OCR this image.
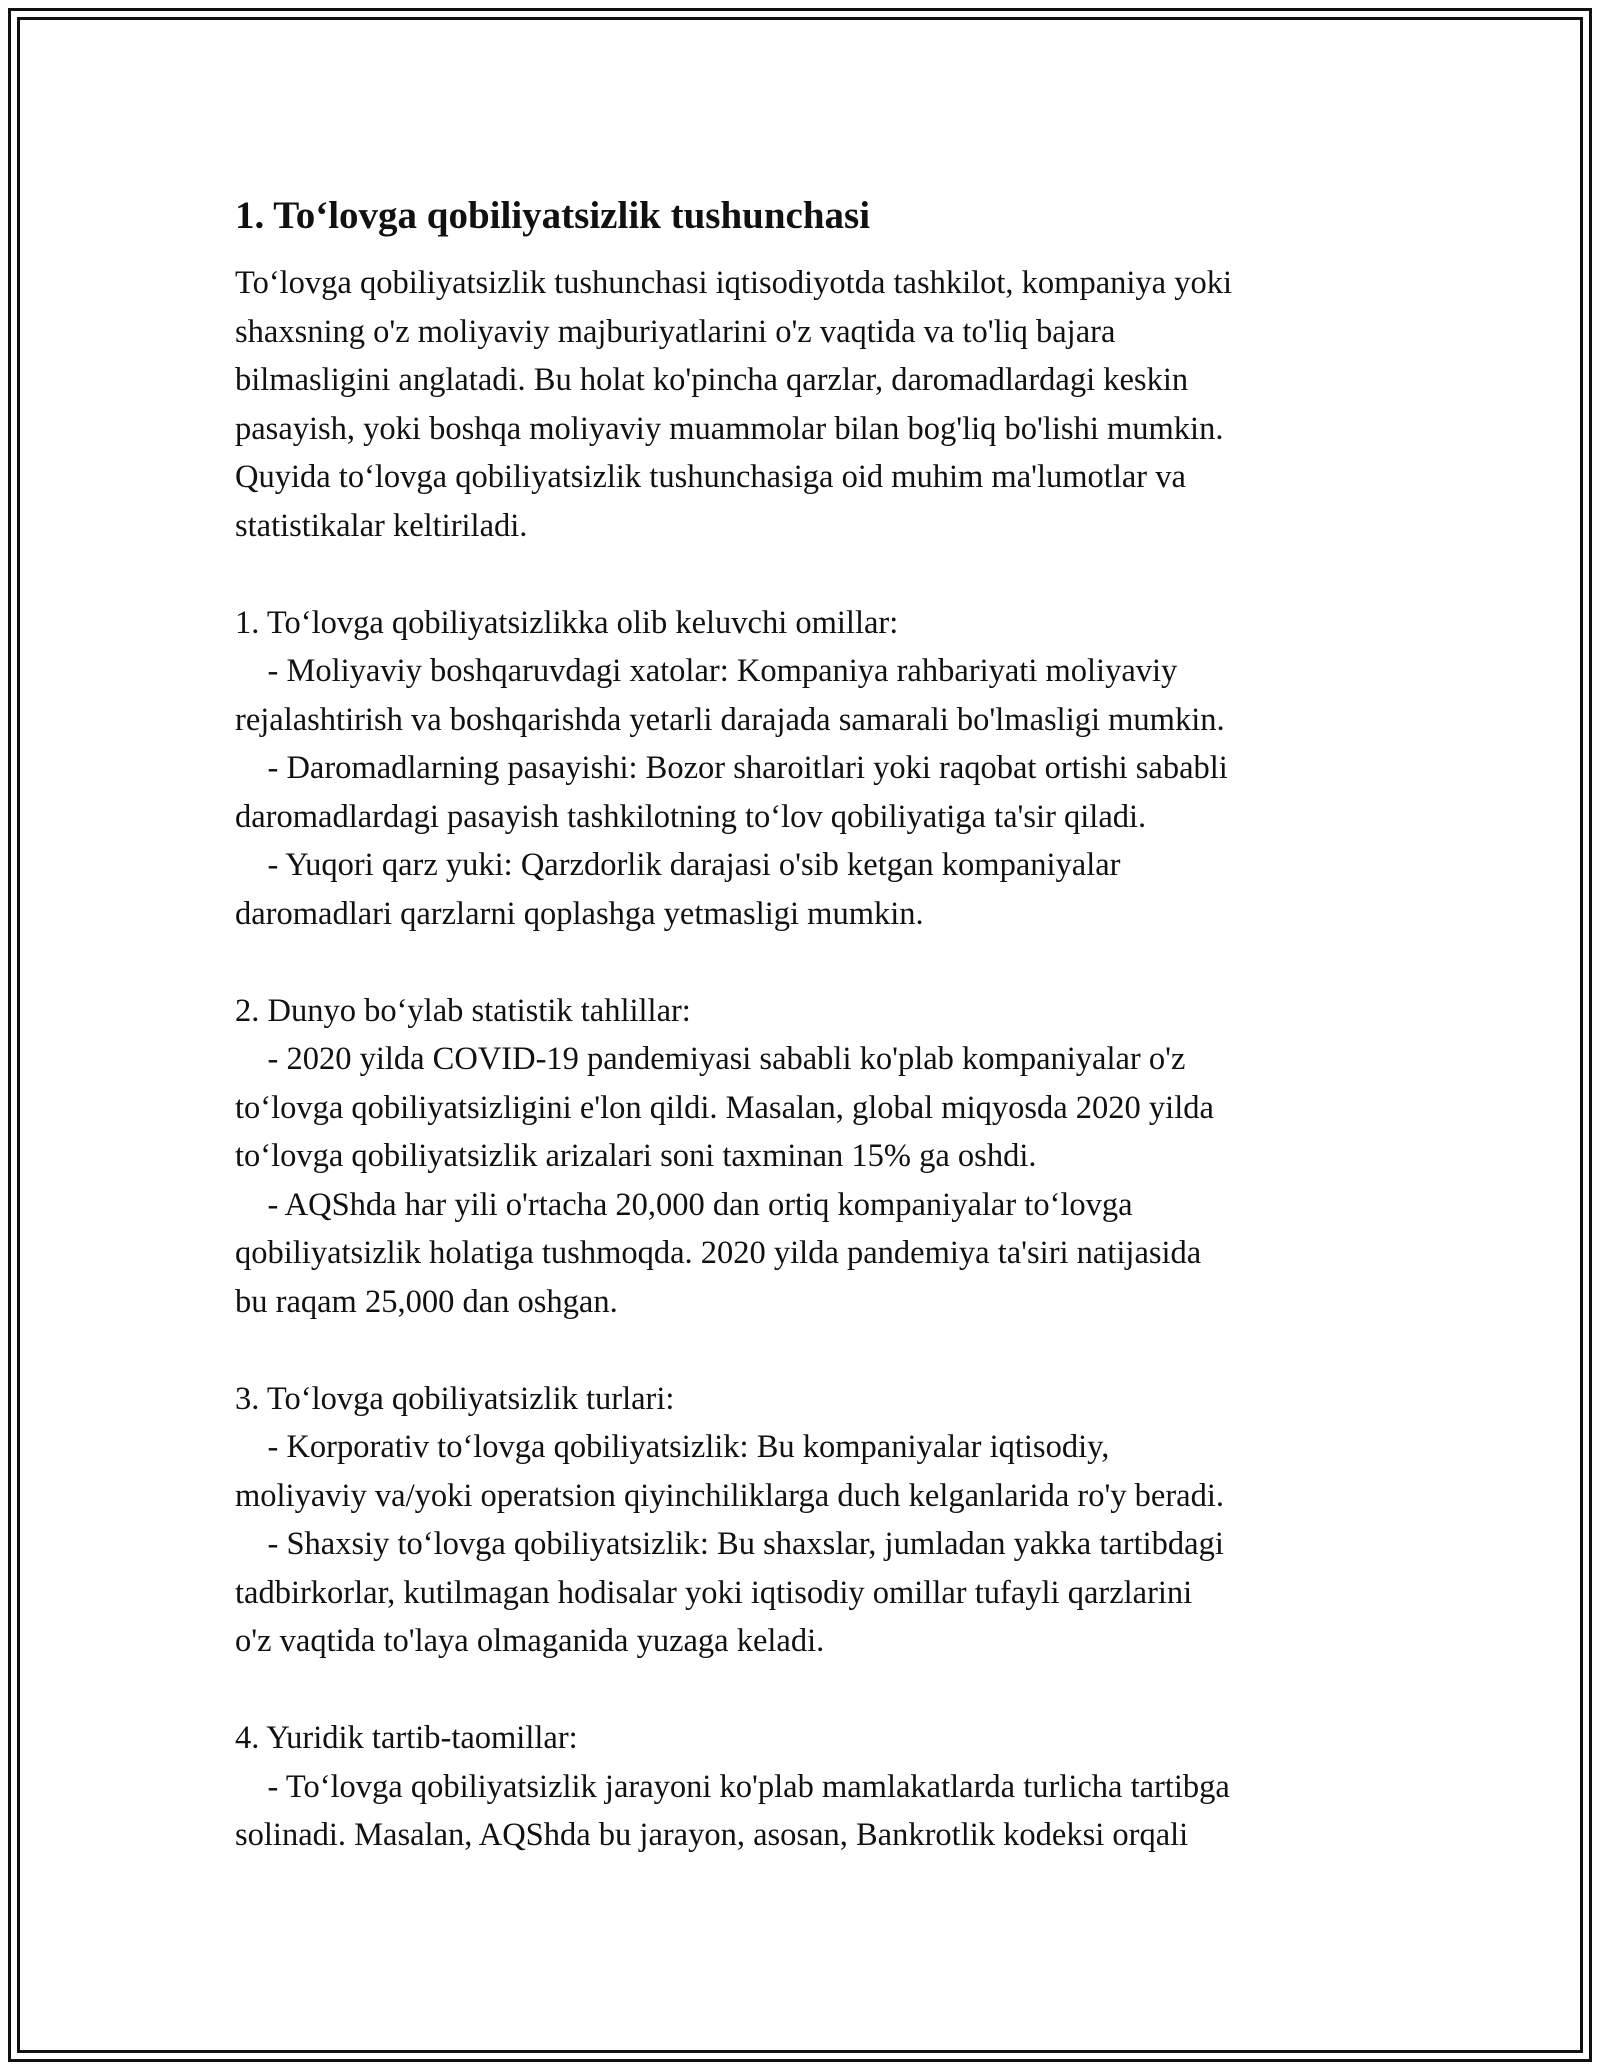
1. To‘lovga qobiliyatsizlik tushunchasi
To‘lovga qobiliyatsizlik tushunchasi iqtisodiyotda tashkilot, kompaniya yoki
shaxsning o'z moliyaviy majburiyatlarini o'z vaqtida va to'liq bajara
bilmasligini anglatadi. Bu holat ko'pincha qarzlar, daromadlardagi keskin
pasayish, yoki boshqa moliyaviy muammolar bilan bog'liq bo'lishi mumkin.
Quyida to‘lovga qobiliyatsizlik tushunchasiga oid muhim ma'lumotlar va
statistikalar keltiriladi.
1. To‘lovga qobiliyatsizlikka olib keluvchi omillar:
- Moliyaviy boshqaruvdagi xatolar: Kompaniya rahbariyati moliyaviy
rejalashtirish va boshqarishda yetarli darajada samarali bo'lmasligi mumkin.
- Daromadlarning pasayishi: Bozor sharoitlari yoki raqobat ortishi sababli
daromadlardagi pasayish tashkilotning to‘lov qobiliyatiga ta'sir qiladi.
- Yuqori qarz yuki: Qarzdorlik darajasi o'sib ketgan kompaniyalar
daromadlari qarzlarni qoplashga yetmasligi mumkin.
2. Dunyo bo‘ylab statistik tahlillar:
- 2020 yilda COVID-19 pandemiyasi sababli ko'plab kompaniyalar o'z
to‘lovga qobiliyatsizligini e'lon qildi. Masalan, global miqyosda 2020 yilda
to‘lovga qobiliyatsizlik arizalari soni taxminan 15% ga oshdi.
- AQShda har yili o'rtacha 20,000 dan ortiq kompaniyalar to‘lovga
qobiliyatsizlik holatiga tushmoqda. 2020 yilda pandemiya ta'siri natijasida
bu raqam 25,000 dan oshgan.
3. To‘lovga qobiliyatsizlik turlari:
- Korporativ to‘lovga qobiliyatsizlik: Bu kompaniyalar iqtisodiy,
moliyaviy va/yoki operatsion qiyinchiliklarga duch kelganlarida ro'y beradi.
- Shaxsiy to‘lovga qobiliyatsizlik: Bu shaxslar, jumladan yakka tartibdagi
tadbirkorlar, kutilmagan hodisalar yoki iqtisodiy omillar tufayli qarzlarini
o'z vaqtida to'laya olmaganida yuzaga keladi.
4. Yuridik tartib-taomillar:
- To‘lovga qobiliyatsizlik jarayoni ko'plab mamlakatlarda turlicha tartibga
solinadi. Masalan, AQShda bu jarayon, asosan, Bankrotlik kodeksi orqali
